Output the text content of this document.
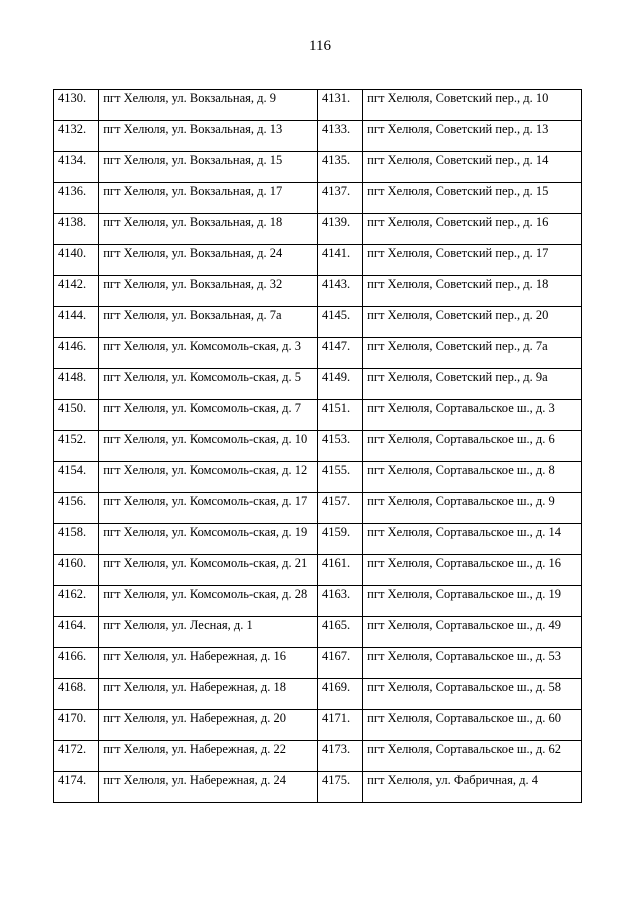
116
4130.	пгт Хелюля, ул. Вокзальная, д. 9	4131.	пгт Хелюля, Советский пер., д. 10
4132.	пгт Хелюля, ул. Вокзальная, д. 13	4133.	пгт Хелюля, Советский пер., д. 13
4134.	пгт Хелюля, ул. Вокзальная, д. 15	4135.	пгт Хелюля, Советский пер., д. 14
4136.	пгт Хелюля, ул. Вокзальная, д. 17	4137.	пгт Хелюля, Советский пер., д. 15
4138.	пгт Хелюля, ул. Вокзальная, д. 18	4139.	пгт Хелюля, Советский пер., д. 16
4140.	пгт Хелюля, ул. Вокзальная, д. 24	4141.	пгт Хелюля, Советский пер., д. 17
4142.	пгт Хелюля, ул. Вокзальная, д. 32	4143.	пгт Хелюля, Советский пер., д. 18
4144.	пгт Хелюля, ул. Вокзальная, д. 7а	4145.	пгт Хелюля, Советский пер., д. 20
4146.	пгт Хелюля, ул. Комсомоль-ская, д. 3	4147.	пгт Хелюля, Советский пер., д. 7а
4148.	пгт Хелюля, ул. Комсомоль-ская, д. 5	4149.	пгт Хелюля, Советский пер., д. 9а
4150.	пгт Хелюля, ул. Комсомоль-ская, д. 7	4151.	пгт Хелюля, Сортавальское ш., д. 3
4152.	пгт Хелюля, ул. Комсомоль-ская, д. 10	4153.	пгт Хелюля, Сортавальское ш., д. 6
4154.	пгт Хелюля, ул. Комсомоль-ская, д. 12	4155.	пгт Хелюля, Сортавальское ш., д. 8
4156.	пгт Хелюля, ул. Комсомоль-ская, д. 17	4157.	пгт Хелюля, Сортавальское ш., д. 9
4158.	пгт Хелюля, ул. Комсомоль-ская, д. 19	4159.	пгт Хелюля, Сортавальское ш., д. 14
4160.	пгт Хелюля, ул. Комсомоль-ская, д. 21	4161.	пгт Хелюля, Сортавальское ш., д. 16
4162.	пгт Хелюля, ул. Комсомоль-ская, д. 28	4163.	пгт Хелюля, Сортавальское ш., д. 19
4164.	пгт Хелюля, ул. Лесная, д. 1	4165.	пгт Хелюля, Сортавальское ш., д. 49
4166.	пгт Хелюля, ул. Набережная, д. 16	4167.	пгт Хелюля, Сортавальское ш., д. 53
4168.	пгт Хелюля, ул. Набережная, д. 18	4169.	пгт Хелюля, Сортавальское ш., д. 58
4170.	пгт Хелюля, ул. Набережная, д. 20	4171.	пгт Хелюля, Сортавальское ш., д. 60
4172.	пгт Хелюля, ул. Набережная, д. 22	4173.	пгт Хелюля, Сортавальское ш., д. 62
4174.	пгт Хелюля, ул. Набережная, д. 24	4175.	пгт Хелюля, ул. Фабричная, д. 4
